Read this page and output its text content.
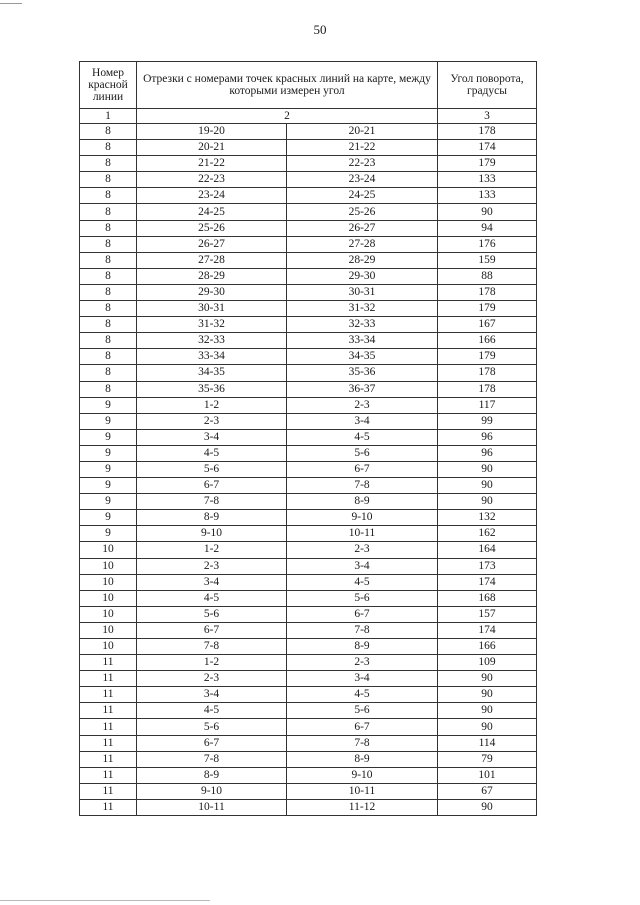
50
Номер красной линии	Отрезки с номерами точек красных линий на карте, между которыми измерен угол		Угол поворота, градусы
1	2		3
8	19-20	20-21	178
8	20-21	21-22	174
8	21-22	22-23	179
8	22-23	23-24	133
8	23-24	24-25	133
8	24-25	25-26	90
8	25-26	26-27	94
8	26-27	27-28	176
8	27-28	28-29	159
8	28-29	29-30	88
8	29-30	30-31	178
8	30-31	31-32	179
8	31-32	32-33	167
8	32-33	33-34	166
8	33-34	34-35	179
8	34-35	35-36	178
8	35-36	36-37	178
9	1-2	2-3	117
9	2-3	3-4	99
9	3-4	4-5	96
9	4-5	5-6	96
9	5-6	6-7	90
9	6-7	7-8	90
9	7-8	8-9	90
9	8-9	9-10	132
9	9-10	10-11	162
10	1-2	2-3	164
10	2-3	3-4	173
10	3-4	4-5	174
10	4-5	5-6	168
10	5-6	6-7	157
10	6-7	7-8	174
10	7-8	8-9	166
11	1-2	2-3	109
11	2-3	3-4	90
11	3-4	4-5	90
11	4-5	5-6	90
11	5-6	6-7	90
11	6-7	7-8	114
11	7-8	8-9	79
11	8-9	9-10	101
11	9-10	10-11	67
11	10-11	11-12	90
